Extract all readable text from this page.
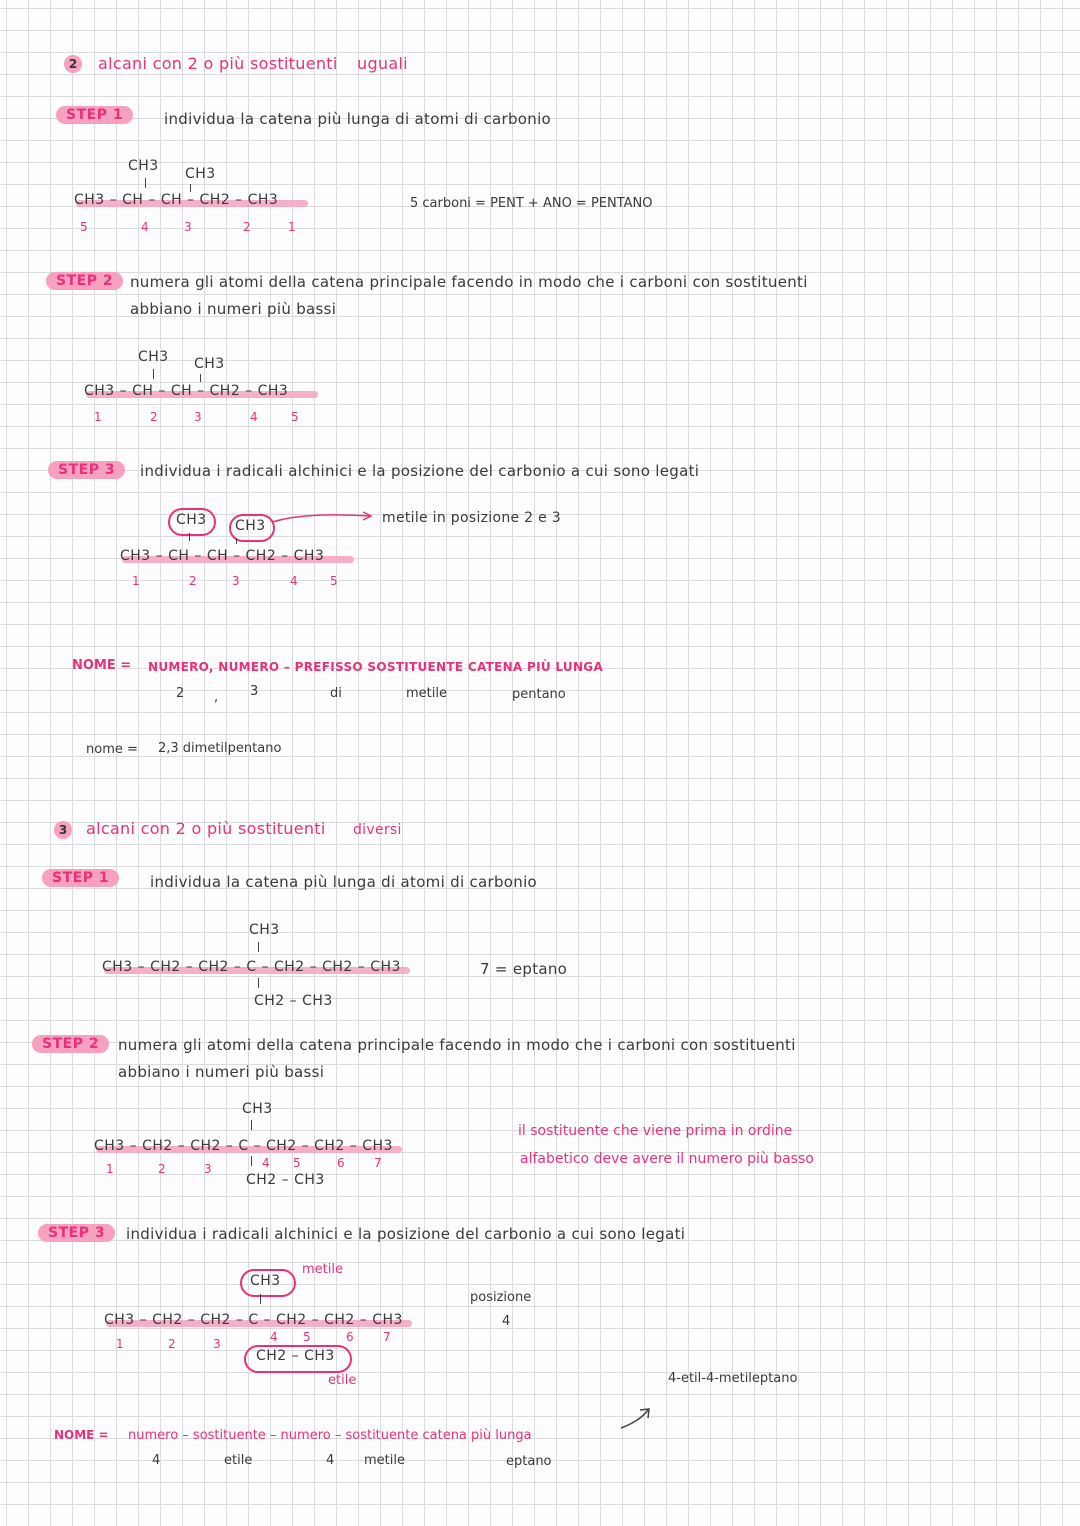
2	alcani con 2 o più sostituenti uguali
STEP 1	individua la catena più lunga di atomi di carbonio
CH3 CH3
CH3 – CH – CH – CH2 – CH3
5	4	3	2	1
5 carboni = PENT + ANO = PENTANO
STEP 2	numera gli atomi della catena principale facendo in modo che i carboni con sostituenti
abbiano i numeri più bassi
CH3 CH3
CH3 – CH – CH – CH2 – CH3
1	2	3	4	5
STEP 3	individua i radicali alchinici e la posizione del carbonio a cui sono legati
CH3 CH3	metile in posizione 2 e 3
CH3 – CH – CH – CH2 – CH3
1	2	3	4	5
NOME = NUMERO, NUMERO – PREFISSO SOSTITUENTE CATENA PIÙ LUNGA
2 , 3	di	metile	pentano
nome = 2,3 dimetilpentano
3	alcani con 2 o più sostituenti diversi
STEP 1	individua la catena più lunga di atomi di carbonio
CH3
CH3 – CH2 – CH2 – C – CH2 – CH2 – CH3
CH2 – CH3
7 = eptano
STEP 2	numera gli atomi della catena principale facendo in modo che i carboni con sostituenti
abbiano i numeri più bassi
CH3
CH3 – CH2 – CH2 – C – CH2 – CH2 – CH3
CH2 – CH3
1	2	3	4 5	6 7
il sostituente che viene prima in ordine
alfabetico deve avere il numero più basso
STEP 3	individua i radicali alchinici e la posizione del carbonio a cui sono legati
CH3
metile
CH3 – CH2 – CH2 – C – CH2 – CH2 – CH3
1	2	3	4 5	6 7
CH2 – CH3
etile
posizione
4
4-etil-4-metileptano
NOME = numero – sostituente – numero – sostituente catena più lunga
4	etile	4 metile	eptano
